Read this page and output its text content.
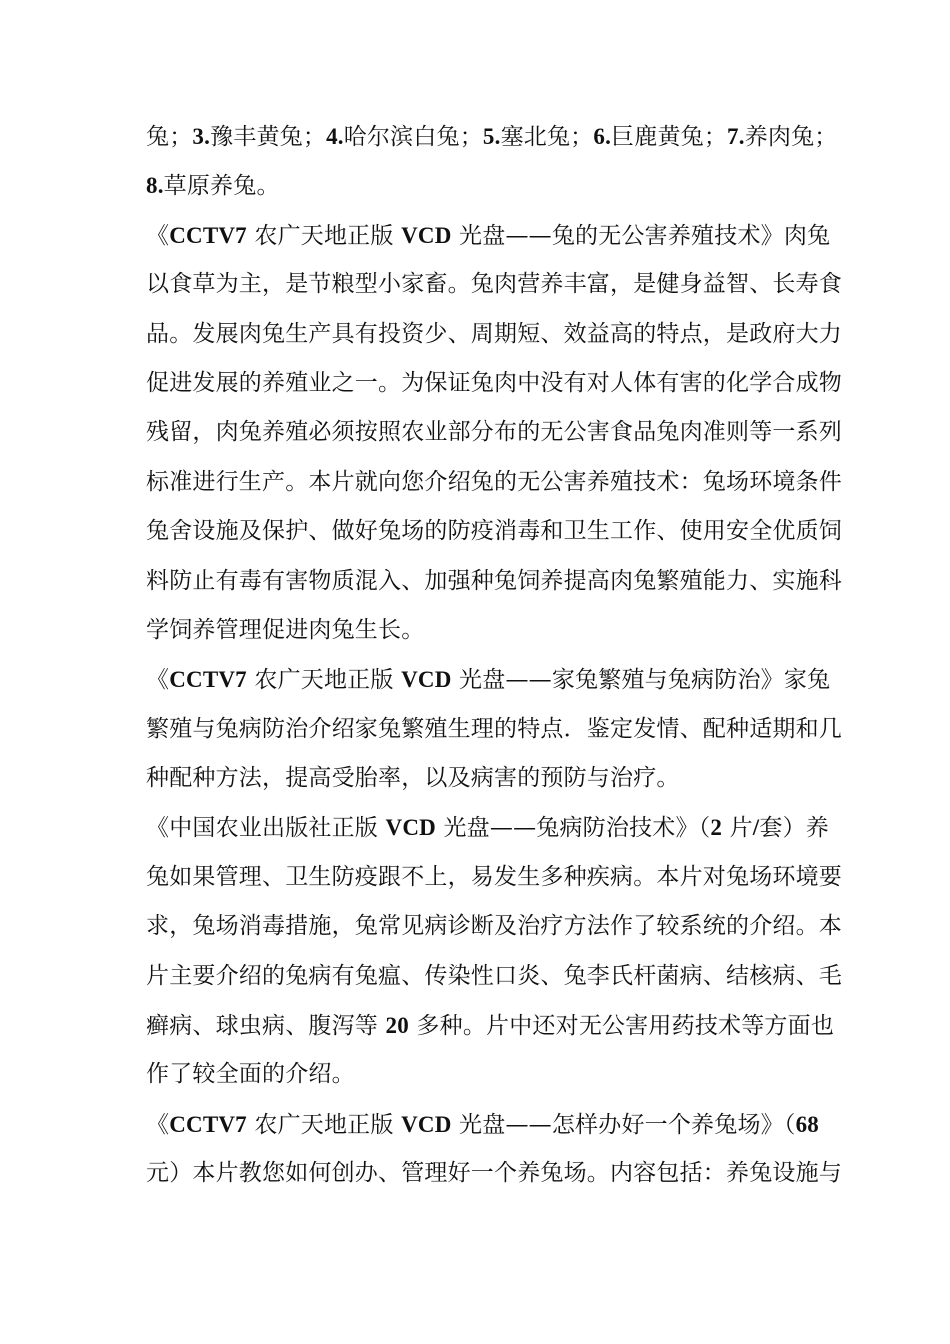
兔；3.豫丰黄兔；4.哈尔滨白兔；5.塞北兔；6.巨鹿黄兔；7.养肉兔；
8.草原养兔。
《CCTV7 农广天地正版 VCD 光盘——兔的无公害养殖技术》肉兔
以食草为主，是节粮型小家畜。兔肉营养丰富，是健身益智、长寿食
品。发展肉兔生产具有投资少、周期短、效益高的特点，是政府大力
促进发展的养殖业之一。为保证兔肉中没有对人体有害的化学合成物
残留，肉兔养殖必须按照农业部分布的无公害食品兔肉准则等一系列
标准进行生产。本片就向您介绍兔的无公害养殖技术：兔场环境条件
兔舍设施及保护、做好兔场的防疫消毒和卫生工作、使用安全优质饲
料防止有毒有害物质混入、加强种兔饲养提高肉兔繁殖能力、实施科
学饲养管理促进肉兔生长。
《CCTV7 农广天地正版 VCD 光盘——家兔繁殖与兔病防治》家兔
繁殖与兔病防治介绍家兔繁殖生理的特点．鉴定发情、配种适期和几
种配种方法，提高受胎率，以及病害的预防与治疗。
《中国农业出版社正版 VCD 光盘——兔病防治技术》（2 片/套）养
兔如果管理、卫生防疫跟不上，易发生多种疾病。本片对兔场环境要
求，兔场消毒措施，兔常见病诊断及治疗方法作了较系统的介绍。本
片主要介绍的兔病有兔瘟、传染性口炎、兔李氏杆菌病、结核病、毛
癣病、球虫病、腹泻等 20 多种。片中还对无公害用药技术等方面也
作了较全面的介绍。
《CCTV7 农广天地正版 VCD 光盘——怎样办好一个养兔场》（68
元）本片教您如何创办、管理好一个养兔场。内容包括：养兔设施与
